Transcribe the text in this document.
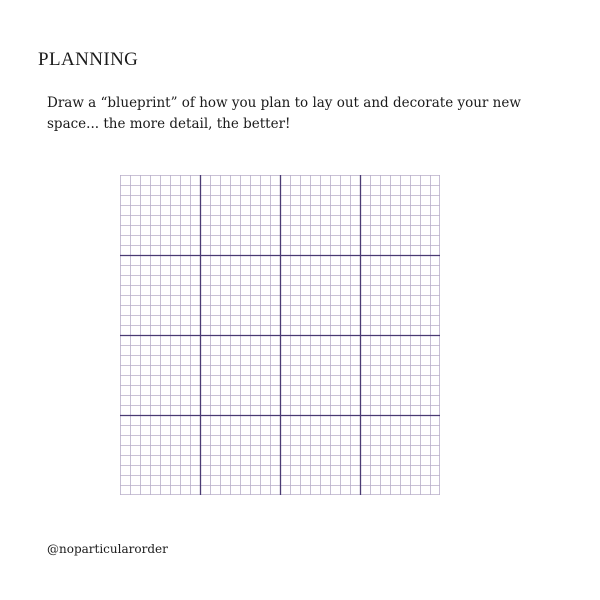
PLANNING

Draw a “blueprint” of how you plan to lay out and decorate your new space... the more detail, the better!

@noparticularorder
